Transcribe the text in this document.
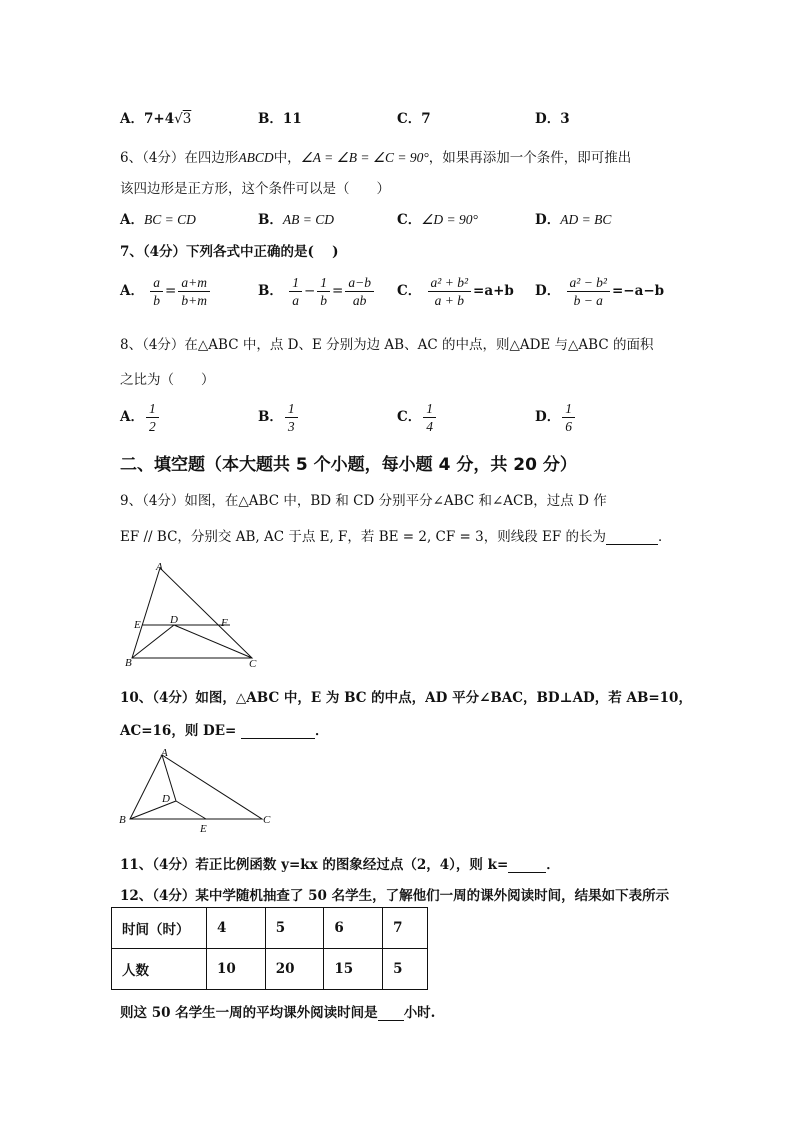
A．7+4√3	B．11	C．7	D．3
6、（4分）在四边形ABCD中，∠A = ∠B = ∠C = 90°，如果再添加一个条件，即可推出
该四边形是正方形，这个条件可以是（　　）
A．BC = CD	B．AB = CD	C．∠D = 90°	D．AD = BC
7、（4分）下列各式中正确的是(　 )
A． $\frac{a}{b} = \frac{a+m}{b+m}$	B． $\frac{1}{a} - \frac{1}{b} = \frac{a-b}{ab}$ C． $\frac{\text{a² + b²}}{a + b} =a+b$ D． $\frac{\text{a² − b²}}{b - a} =-a-b$
8、（4分）在△ABC 中，点 D、E 分别为边 AB、AC 的中点，则△ADE 与△ABC 的面积
之比为（　　）
A． $\frac{1}{2}$	B． $\frac{1}{3}$	C． $\frac{1}{4}$	D． $\frac{1}{6}$
二、填空题（本大题共 5 个小题，每小题 4 分，共 20 分）
9、（4分）如图，在△ABC 中，BD 和 CD 分别平分∠ABC 和∠ACB，过点 D 作
EF // BC，分别交 AB, AC 于点 E, F，若 BE = 2, CF = 3，则线段 EF 的长为	．
A
E	D	F
B	C
10、（4分）如图，△ABC 中，E 为 BC 的中点，AD 平分∠BAC，BD⊥AD，若 AB=10，
AC=16，则 DE=	．
A
D
B
E
C
11、（4分）若正比例函数 y=kx 的图象经过点（2，4），则 k=	．
12、（4分）某中学随机抽查了 50 名学生，了解他们一周的课外阅读时间，结果如下表所示
时间（时）	4	5	6	7
人数	10	20	15	5
则这 50 名学生一周的平均课外阅读时间是 小时.
